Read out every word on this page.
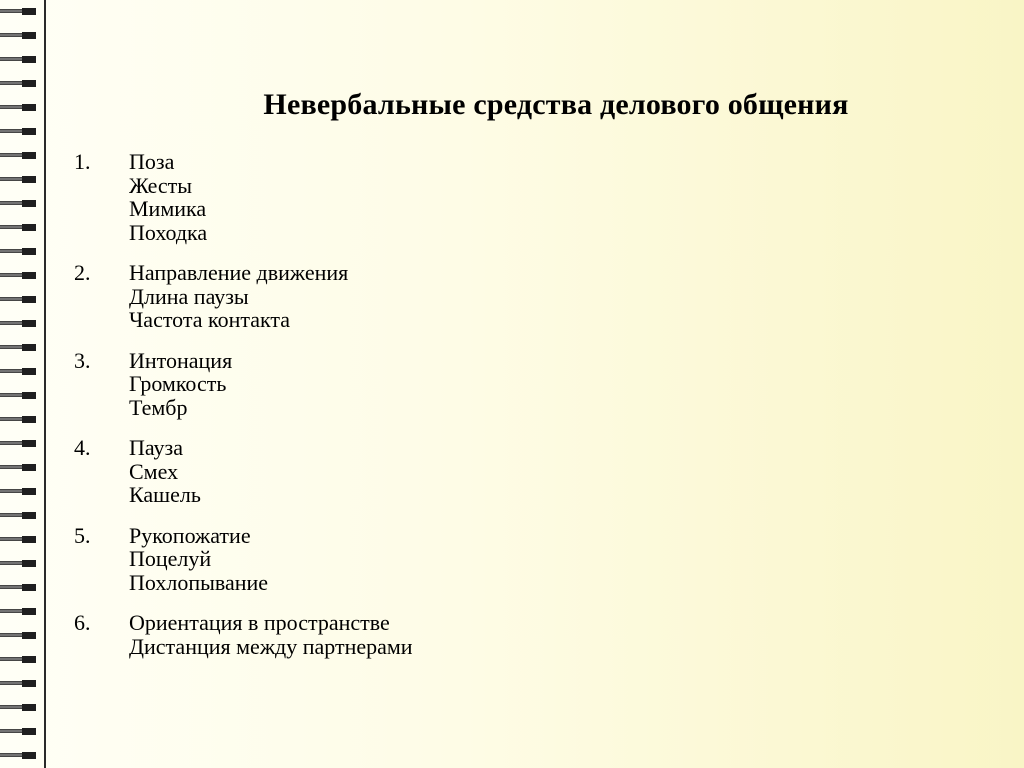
Невербальные средства делового общения
1.	Поза
Жесты
Мимика
Походка
2.	Направление движения
Длина паузы
Частота контакта
3.	Интонация
Громкость
Тембр
4.	Пауза
Смех
Кашель
5.	Рукопожатие
Поцелуй
Похлопывание
6.	Ориентация в пространстве
Дистанция между партнерами
